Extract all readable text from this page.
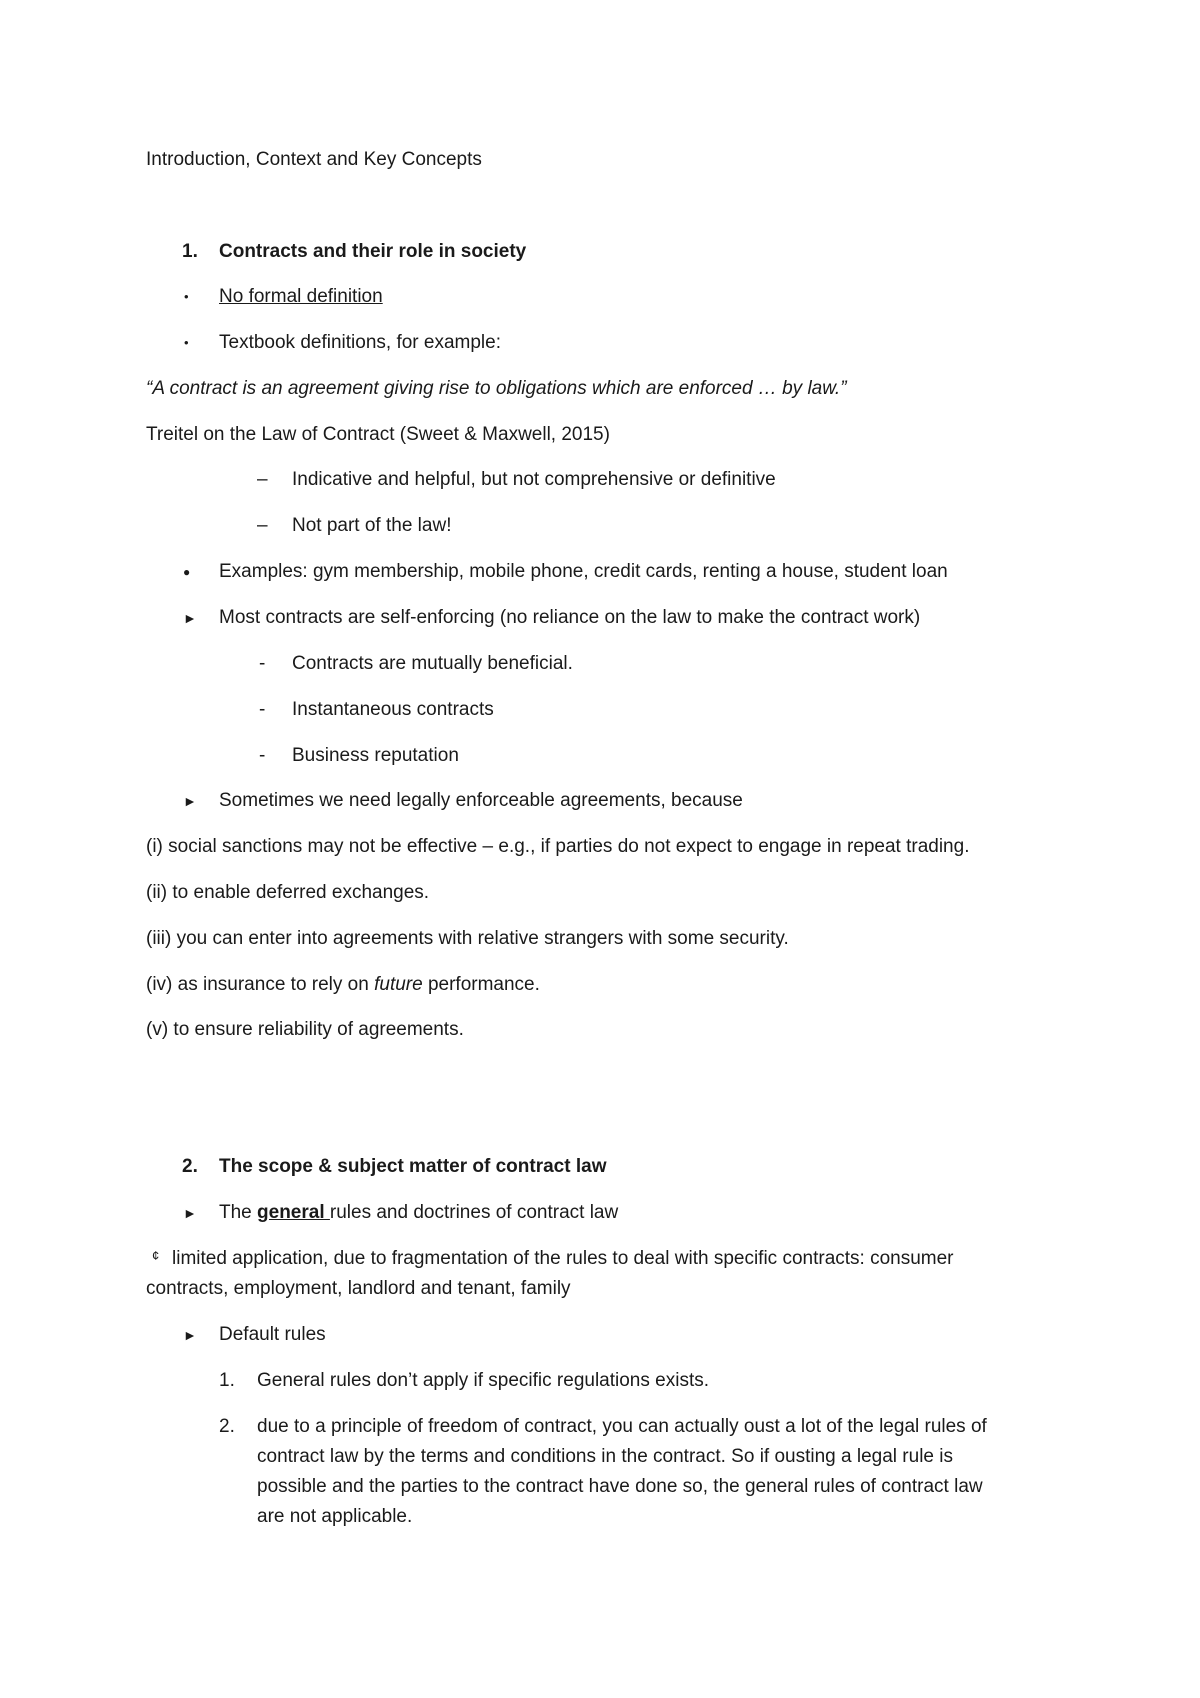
Introduction, Context and Key Concepts
1. Contracts and their role in society
• No formal definition
• Textbook definitions, for example:
“A contract is an agreement giving rise to obligations which are enforced … by law.”
Treitel on the Law of Contract (Sweet & Maxwell, 2015)
– Indicative and helpful, but not comprehensive or definitive
– Not part of the law!
● Examples: gym membership, mobile phone, credit cards, renting a house, student loan
► Most contracts are self-enforcing (no reliance on the law to make the contract work)
- Contracts are mutually beneficial.
- Instantaneous contracts
- Business reputation
► Sometimes we need legally enforceable agreements, because
(i) social sanctions may not be effective – e.g., if parties do not expect to engage in repeat trading.
(ii) to enable deferred exchanges.
(iii) you can enter into agreements with relative strangers with some security.
(iv) as insurance to rely on future performance.
(v) to ensure reliability of agreements.
2. The scope & subject matter of contract law
► The general rules and doctrines of contract law
¢ limited application, due to fragmentation of the rules to deal with specific contracts: consumer
contracts, employment, landlord and tenant, family
► Default rules
1. General rules don’t apply if specific regulations exists.
2. due to a principle of freedom of contract, you can actually oust a lot of the legal rules of
contract law by the terms and conditions in the contract. So if ousting a legal rule is
possible and the parties to the contract have done so, the general rules of contract law
are not applicable.
